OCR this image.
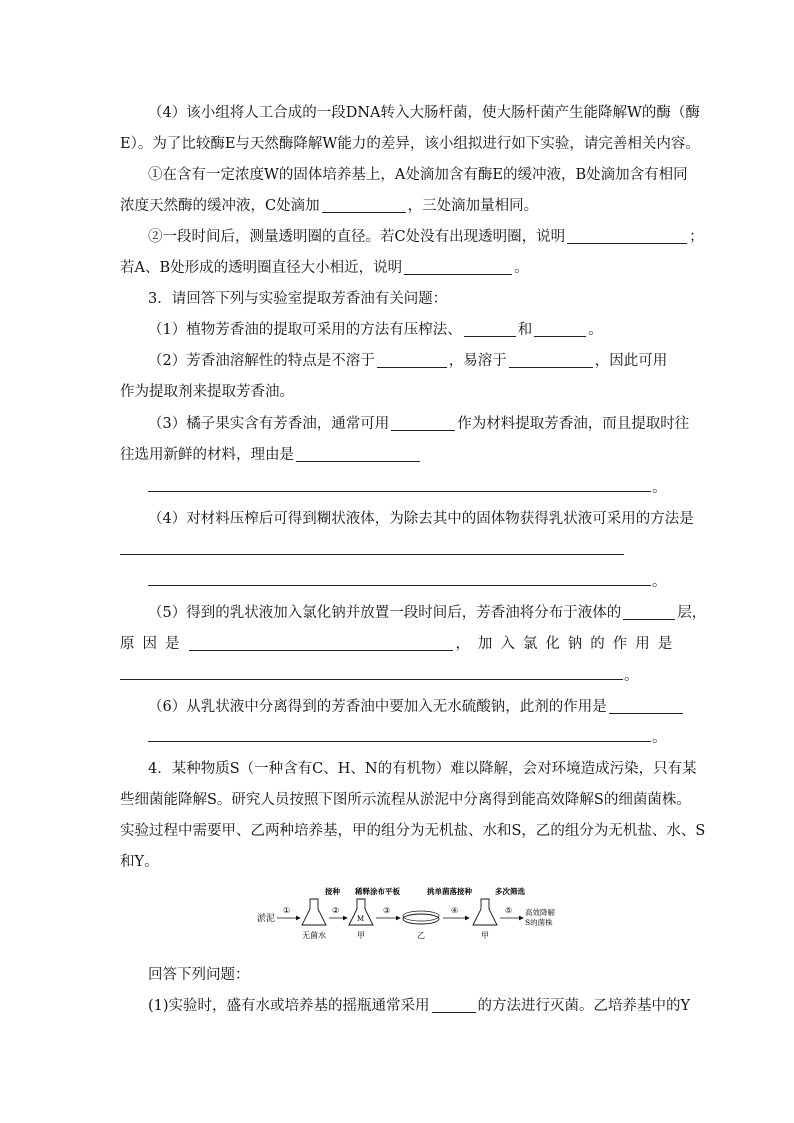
（4）该小组将人工合成的一段DNA转入大肠杆菌，使大肠杆菌产生能降解W的酶（酶
E）。为了比较酶E与天然酶降解W能力的差异，该小组拟进行如下实验，请完善相关内容。
①在含有一定浓度W的固体培养基上，A处滴加含有酶E的缓冲液，B处滴加含有相同
浓度天然酶的缓冲液，C处滴加	，三处滴加量相同。
②一段时间后，测量透明圈的直径。若C处没有出现透明圈，说明	；
若A、B处形成的透明圈直径大小相近，说明	。
3．请回答下列与实验室提取芳香油有关问题：
（1）植物芳香油的提取可采用的方法有压榨法、	和	。
（2）芳香油溶解性的特点是不溶于	，易溶于	，因此可用
作为提取剂来提取芳香油。
（3）橘子果实含有芳香油，通常可用	作为材料提取芳香油，而且提取时往
往选用新鲜的材料，理由是
。
（4）对材料压榨后可得到糊状液体，为除去其中的固体物获得乳状液可采用的方法是
。
（5）得到的乳状液加入氯化钠并放置一段时间后，芳香油将分布于液体的	层，
原因是	，加入氯化钠的作用是
。
（6）从乳状液中分离得到的芳香油中要加入无水硫酸钠，此剂的作用是
。
4．某种物质S（一种含有C、H、N的有机物）难以降解，会对环境造成污染，只有某
些细菌能降解S。研究人员按照下图所示流程从淤泥中分离得到能高效降解S的细菌菌株。
实验过程中需要甲、乙两种培养基，甲的组分为无机盐、水和S，乙的组分为无机盐、水、S
和Y。
淤泥
①
无菌水
②
接种
M
甲
③
稀释涂布平板
乙
④
挑单菌落接种
甲
⑤
多次筛选
高效降解
S的菌株
回答下列问题：
(1)实验时，盛有水或培养基的摇瓶通常采用	的方法进行灭菌。乙培养基中的Y
